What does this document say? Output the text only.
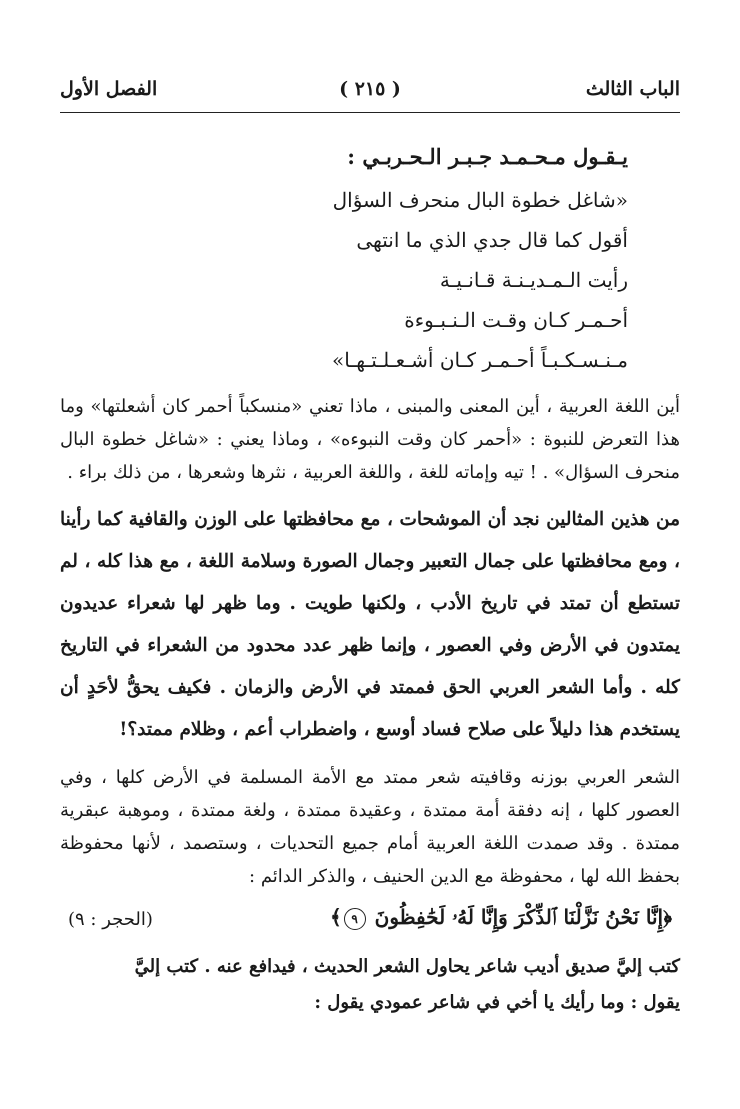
الباب الثالث
( ٢١٥ )
الفصل الأول
يـقـول مـحـمـد جـبـر الـحـربـي :
«شاغل خطوة البال منحرف السؤال
أقول كما قال جدي الذي ما انتهى
رأيت الـمـديـنـة قـانـيـة
أحـمـر كـان وقـت الـنـبـوءة
مـنـسـكـبـاً أحـمـر كـان أشـعـلـتـهـا»

أين اللغة العربية ، أين المعنى والمبنى ، ماذا تعني «منسكباً أحمر كان أشعلتها» وما هذا التعرض للنبوة : «أحمر كان وقت النبوءه» ، وماذا يعني : «شاغل خطوة البال منحرف السؤال» . ! تيه وإماته للغة ، واللغة العربية ، نثرها وشعرها ، من ذلك براء .

من هذين المثالين نجد أن الموشحات ، مع محافظتها على الوزن والقافية كما رأينا ، ومع محافظتها على جمال التعبير وجمال الصورة وسلامة اللغة ، مع هذا كله ، لم تستطع أن تمتد في تاريخ الأدب ، ولكنها طويت . وما ظهر لها شعراء عديدون يمتدون في الأرض وفي العصور ، وإنما ظهر عدد محدود من الشعراء في التاريخ كله . وأما الشعر العربي الحق فممتد في الأرض والزمان . فكيف يحقُّ لأحَدٍ أن يستخدم هذا دليلاً على صلاح فساد أوسع ، واضطراب أعم ، وظلام ممتد؟!

الشعر العربي بوزنه وقافيته شعر ممتد مع الأمة المسلمة في الأرض كلها ، وفي العصور كلها ، إنه دفقة أمة ممتدة ، وعقيدة ممتدة ، ولغة ممتدة ، وموهبة عبقرية ممتدة . وقد صمدت اللغة العربية أمام جميع التحديات ، وستصمد ، لأنها محفوظة بحفظ الله لها ، محفوظة مع الدين الحنيف ، والذكر الدائم :

﴿إِنَّا نَحْنُ نَزَّلْنَا ٱلذِّكْرَ وَإِنَّا لَهُۥ لَحَٰفِظُونَ ٩﴾
(الحجر : ٩)

كتب إليَّ صديق أديب شاعر يحاول الشعر الحديث ، فيدافع عنه . كتب إليَّ

يقول : وما رأيك يا أخي في شاعر عمودي يقول :
